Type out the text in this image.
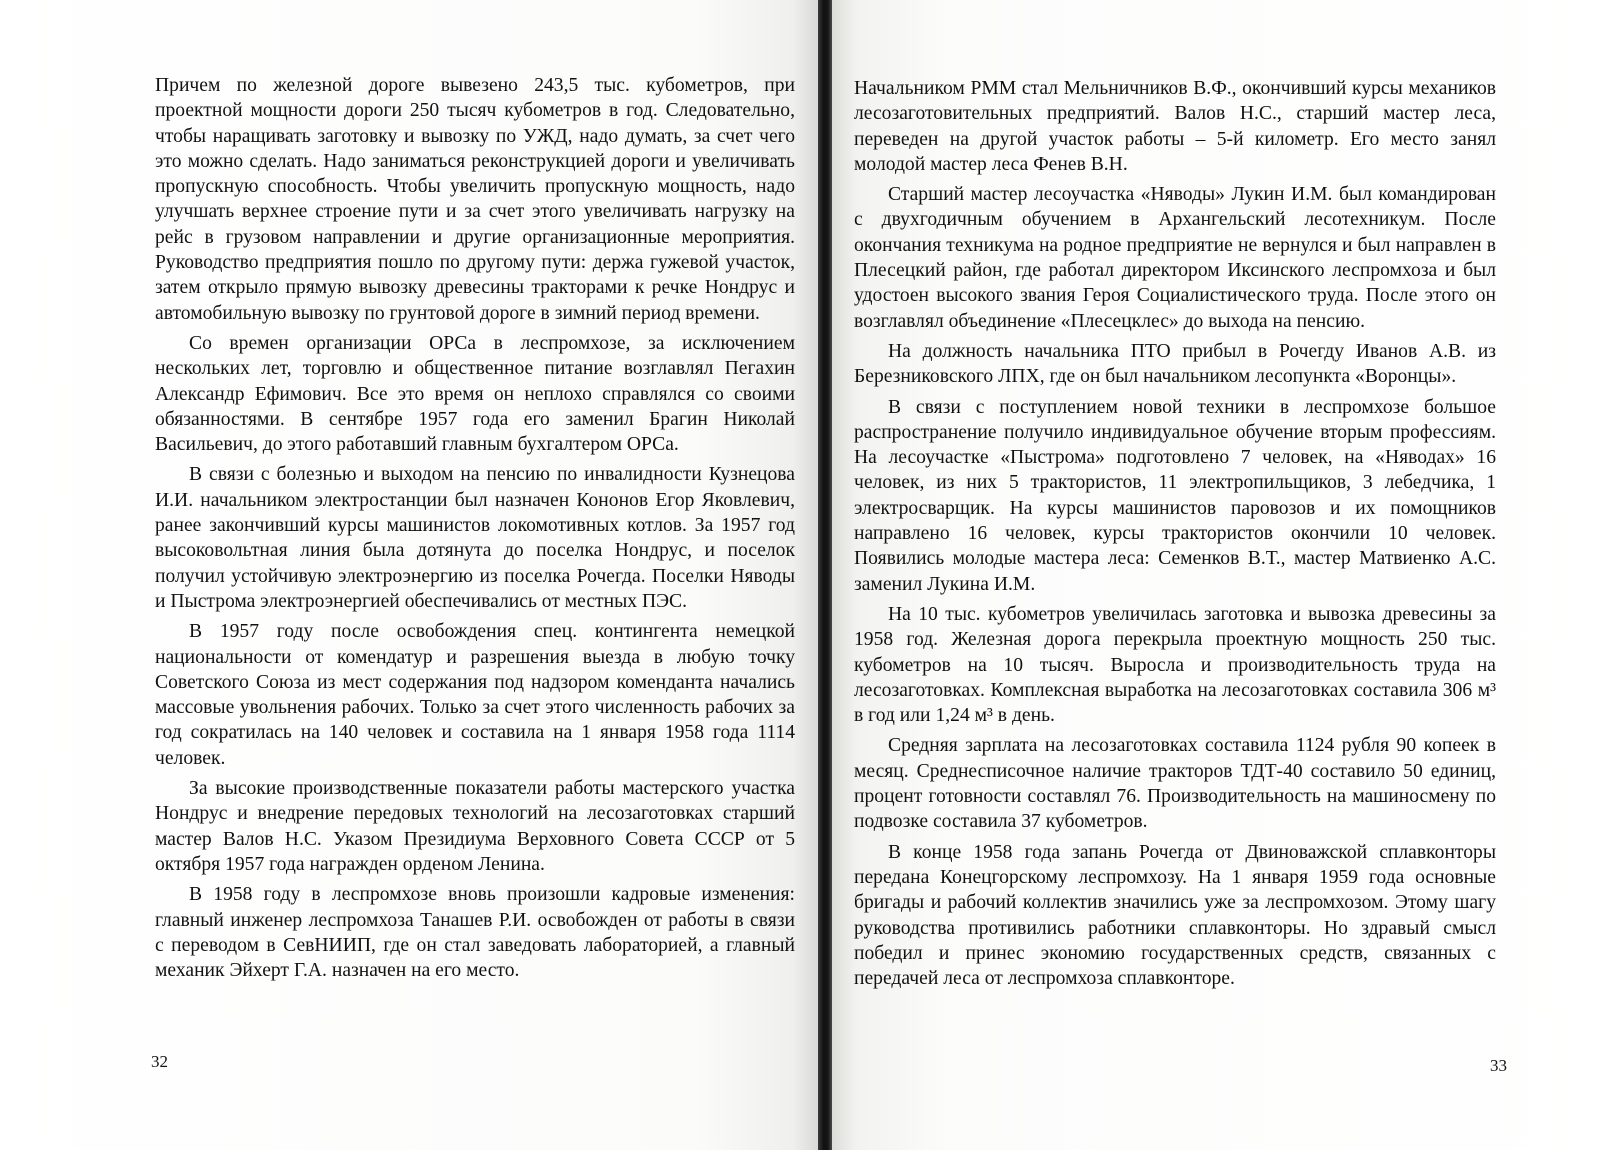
Причем по железной дороге вывезено 243,5 тыс. кубометров, при проектной мощности дороги 250 тысяч кубометров в год. Следовательно, чтобы наращивать заготовку и вывозку по УЖД, надо думать, за счет чего это можно сделать. Надо заниматься реконструкцией дороги и увеличивать пропускную способность. Чтобы увеличить пропускную мощность, надо улучшать верхнее строение пути и за счет этого увеличивать нагрузку на рейс в грузовом направлении и другие организационные мероприятия. Руководство предприятия пошло по другому пути: держа гужевой участок, затем открыло прямую вывозку древесины тракторами к речке Нондрус и автомобильную вывозку по грунтовой дороге в зимний период времени.

Со времен организации ОРСа в леспромхозе, за исключением нескольких лет, торговлю и общественное питание возглавлял Пегахин Александр Ефимович. Все это время он неплохо справлялся со своими обязанностями. В сентябре 1957 года его заменил Брагин Николай Васильевич, до этого работавший главным бухгалтером ОРСа.

В связи с болезнью и выходом на пенсию по инвалидности Кузнецова И.И. начальником электростанции был назначен Кононов Егор Яковлевич, ранее закончивший курсы машинистов локомотивных котлов. За 1957 год высоковольтная линия была дотянута до поселка Нондрус, и поселок получил устойчивую электроэнергию из поселка Рочегда. Поселки Няводы и Пыстрома электроэнергией обеспечивались от местных ПЭС.

В 1957 году после освобождения спец. контингента немецкой национальности от комендатур и разрешения выезда в любую точку Советского Союза из мест содержания под надзором коменданта начались массовые увольнения рабочих. Только за счет этого численность рабочих за год сократилась на 140 человек и составила на 1 января 1958 года 1114 человек.

За высокие производственные показатели работы мастерского участка Нондрус и внедрение передовых технологий на лесозаготовках старший мастер Валов Н.С. Указом Президиума Верховного Совета СССР от 5 октября 1957 года награжден орденом Ленина.

В 1958 году в леспромхозе вновь произошли кадровые изменения: главный инженер леспромхоза Танашев Р.И. освобожден от работы в связи с переводом в СевНИИП, где он стал заведовать лабораторией, а главный механик Эйхерт Г.А. назначен на его место.

32

Начальником РММ стал Мельничников В.Ф., окончивший курсы механиков лесозаготовительных предприятий. Валов Н.С., старший мастер леса, переведен на другой участок работы – 5-й километр. Его место занял молодой мастер леса Фенев В.Н.

Старший мастер лесоучастка «Няводы» Лукин И.М. был командирован с двухгодичным обучением в Архангельский лесотехникум. После окончания техникума на родное предприятие не вернулся и был направлен в Плесецкий район, где работал директором Иксинского леспромхоза и был удостоен высокого звания Героя Социалистического труда. После этого он возглавлял объединение «Плесецклес» до выхода на пенсию.

На должность начальника ПТО прибыл в Рочегду Иванов А.В. из Березниковского ЛПХ, где он был начальником лесопункта «Воронцы».

В связи с поступлением новой техники в леспромхозе большое распространение получило индивидуальное обучение вторым профессиям. На лесоучастке «Пыстрома» подготовлено 7 человек, на «Няводах» 16 человек, из них 5 трактористов, 11 электропильщиков, 3 лебедчика, 1 электросварщик. На курсы машинистов паровозов и их помощников направлено 16 человек, курсы трактористов окончили 10 человек. Появились молодые мастера леса: Семенков В.Т., мастер Матвиенко А.С. заменил Лукина И.М.

На 10 тыс. кубометров увеличилась заготовка и вывозка древесины за 1958 год. Железная дорога перекрыла проектную мощность 250 тыс. кубометров на 10 тысяч. Выросла и производительность труда на лесозаготовках. Комплексная выработка на лесозаготовках составила 306 м³ в год или 1,24 м³ в день.

Средняя зарплата на лесозаготовках составила 1124 рубля 90 копеек в месяц. Среднесписочное наличие тракторов ТДТ-40 составило 50 единиц, процент готовности составлял 76. Производительность на машиносмену по подвозке составила 37 кубометров.

В конце 1958 года запань Рочегда от Двиноважской сплавконторы передана Конецгорскому леспромхозу. На 1 января 1959 года основные бригады и рабочий коллектив значились уже за леспромхозом. Этому шагу руководства противились работники сплавконторы. Но здравый смысл победил и принес экономию государственных средств, связанных с передачей леса от леспромхоза сплавконторе.

33
